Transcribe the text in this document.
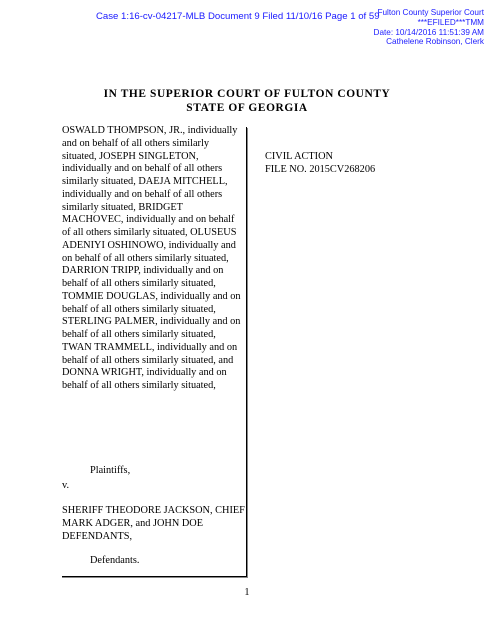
Case 1:16-cv-04217-MLB Document 9 Filed 11/10/16 Page 1 of 59
Fulton County Superior Court
***EFILED***TMM
Date: 10/14/2016 11:51:39 AM
Cathelene Robinson, Clerk
IN THE SUPERIOR COURT OF FULTON COUNTY
STATE OF GEORGIA
OSWALD THOMPSON, JR., individually and on behalf of all others similarly situated, JOSEPH SINGLETON, individually and on behalf of all others similarly situated, DAEJA MITCHELL, individually and on behalf of all others similarly situated, BRIDGET MACHOVEC, individually and on behalf of all others similarly situated, OLUSEUS ADENIYI OSHINOWO, individually and on behalf of all others similarly situated, DARRION TRIPP, individually and on behalf of all others similarly situated, TOMMIE DOUGLAS, individually and on behalf of all others similarly situated, STERLING PALMER, individually and on behalf of all others similarly situated, TWAN TRAMMELL, individually and on behalf of all others similarly situated, and DONNA WRIGHT, individually and on behalf of all others similarly situated,
Plaintiffs,
v.
SHERIFF THEODORE JACKSON, CHIEF MARK ADGER, and JOHN DOE DEFENDANTS,
Defendants.
CIVIL ACTION
FILE NO. 2015CV268206
1
